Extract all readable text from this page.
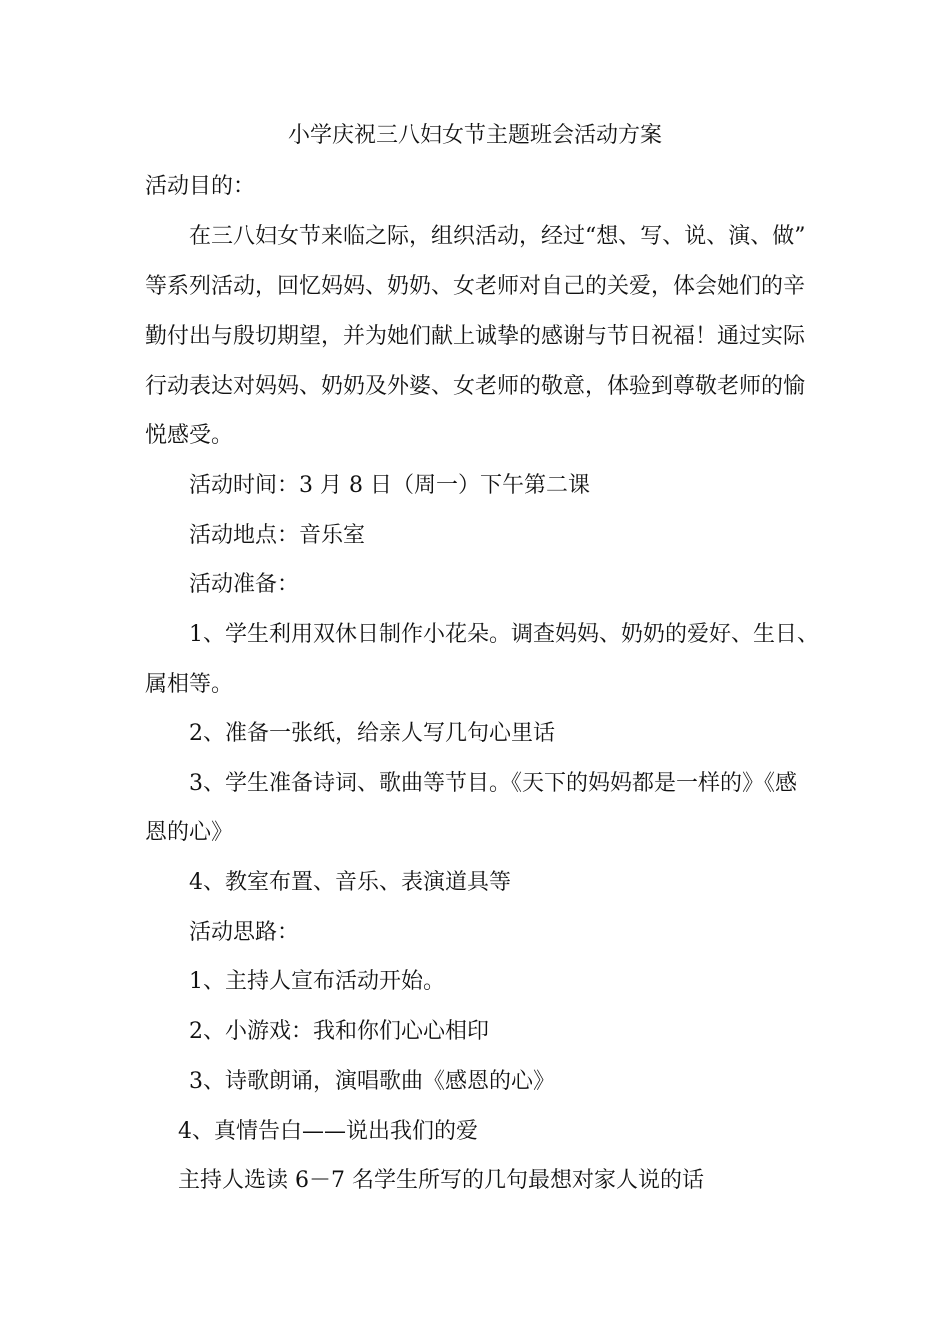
小学庆祝三八妇女节主题班会活动方案

活动目的：

在三八妇女节来临之际，组织活动，经过“想、写、说、演、做”

等系列活动，回忆妈妈、奶奶、女老师对自己的关爱，体会她们的辛

勤付出与殷切期望，并为她们献上诚挚的感谢与节日祝福！通过实际

行动表达对妈妈、奶奶及外婆、女老师的敬意，体验到尊敬老师的愉

悦感受。

活动时间：3 月 8 日（周一）下午第二课

活动地点：音乐室

活动准备：

1、学生利用双休日制作小花朵。调查妈妈、奶奶的爱好、生日、

属相等。

2、准备一张纸，给亲人写几句心里话

3、学生准备诗词、歌曲等节目。《天下的妈妈都是一样的》《感

恩的心》

4、教室布置、音乐、表演道具等

活动思路：

1、主持人宣布活动开始。

2、小游戏：我和你们心心相印

3、诗歌朗诵，演唱歌曲《感恩的心》

4、真情告白——说出我们的爱

主持人选读 6－7 名学生所写的几句最想对家人说的话
